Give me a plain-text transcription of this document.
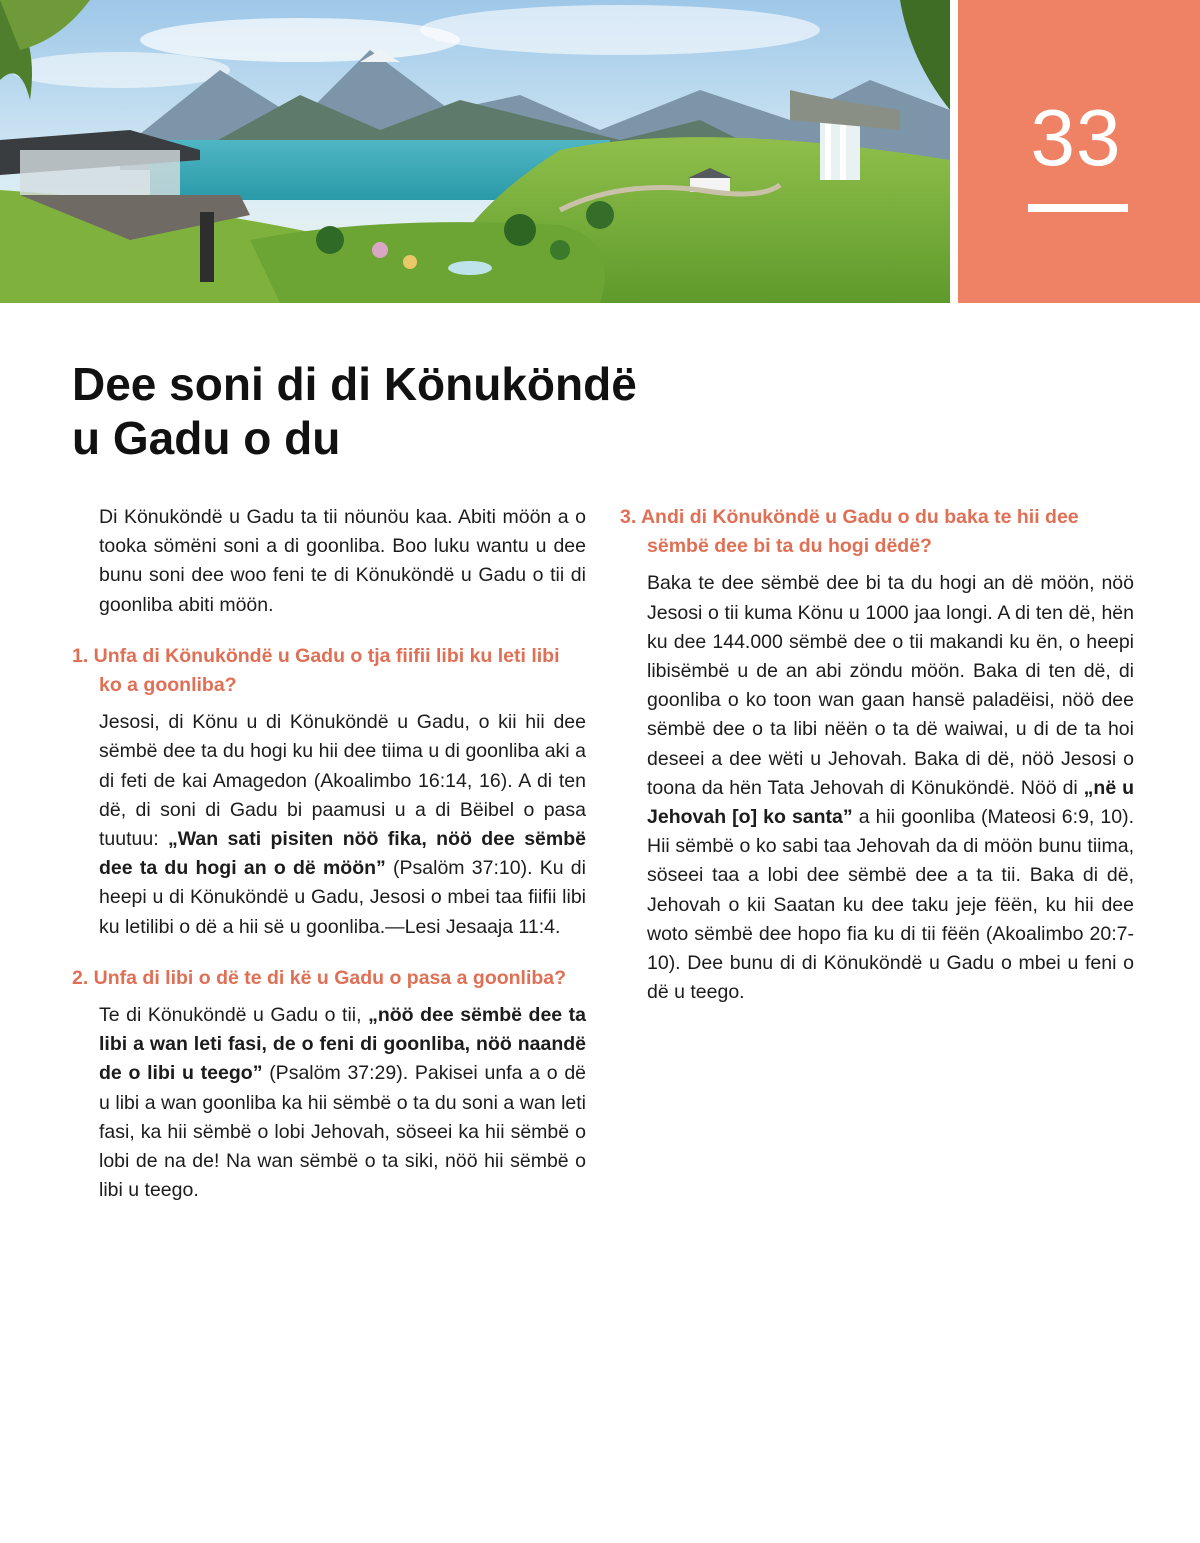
33
Dee soni di di Könuköndë
u Gadu o du

Di Könuköndë u Gadu ta tii nöunöu kaa. Abiti möön a o tooka sömëni soni a di goonliba. Boo luku wantu u dee bunu soni dee woo feni te di Könuköndë u Gadu o tii di goonliba abiti möön.

1. Unfa di Könuköndë u Gadu o tja fiifii libi ku leti libi ko a goonliba?

Jesosi, di Könu u di Könuköndë u Gadu, o kii hii dee sëmbë dee ta du hogi ku hii dee tiima u di goonliba aki a di feti de kai Amagedon (Akoalimbo 16:14, 16). A di ten dë, di soni di Gadu bi paamusi u a di Bëibel o pasa tuutuu: „Wan sati pisiten nöö fika, nöö dee sëmbë dee ta du hogi an o dë möön” (Psalöm 37:10). Ku di heepi u di Könuköndë u Gadu, Jesosi o mbei taa fiifii libi ku letilibi o dë a hii së u goonliba.—Lesi Jesaaja 11:4.

2. Unfa di libi o dë te di kë u Gadu o pasa a goonliba?

Te di Könuköndë u Gadu o tii, „nöö dee sëmbë dee ta libi a wan leti fasi, de o feni di goonliba, nöö naandë de o libi u teego” (Psalöm 37:29). Pakisei unfa a o dë u libi a wan goonliba ka hii sëmbë o ta du soni a wan leti fasi, ka hii sëmbë o lobi Jehovah, söseei ka hii sëmbë o lobi de na de! Na wan sëmbë o ta siki, nöö hii sëmbë o libi u teego.

3. Andi di Könuköndë u Gadu o du baka te hii dee sëmbë dee bi ta du hogi dëdë?

Baka te dee sëmbë dee bi ta du hogi an dë möön, nöö Jesosi o tii kuma Könu u 1000 jaa longi. A di ten dë, hën ku dee 144.000 sëmbë dee o tii makandi ku ën, o heepi libisëmbë u de an abi zöndu möön. Baka di ten dë, di goonliba o ko toon wan gaan hansë paladëisi, nöö dee sëmbë dee o ta libi nëën o ta dë waiwai, u di de ta hoi deseei a dee wëti u Jehovah. Baka di dë, nöö Jesosi o toona da hën Tata Jehovah di Könuköndë. Nöö di „në u Jehovah [o] ko santa” a hii goonliba (Mateosi 6:9, 10). Hii sëmbë o ko sabi taa Jehovah da di möön bunu tiima, söseei taa a lobi dee sëmbë dee a ta tii. Baka di dë, Jehovah o kii Saatan ku dee taku jeje fëën, ku hii dee woto sëmbë dee hopo fia ku di tii fëën (Akoalimbo 20:7-10). Dee bunu di di Könuköndë u Gadu o mbei u feni o dë u teego.
